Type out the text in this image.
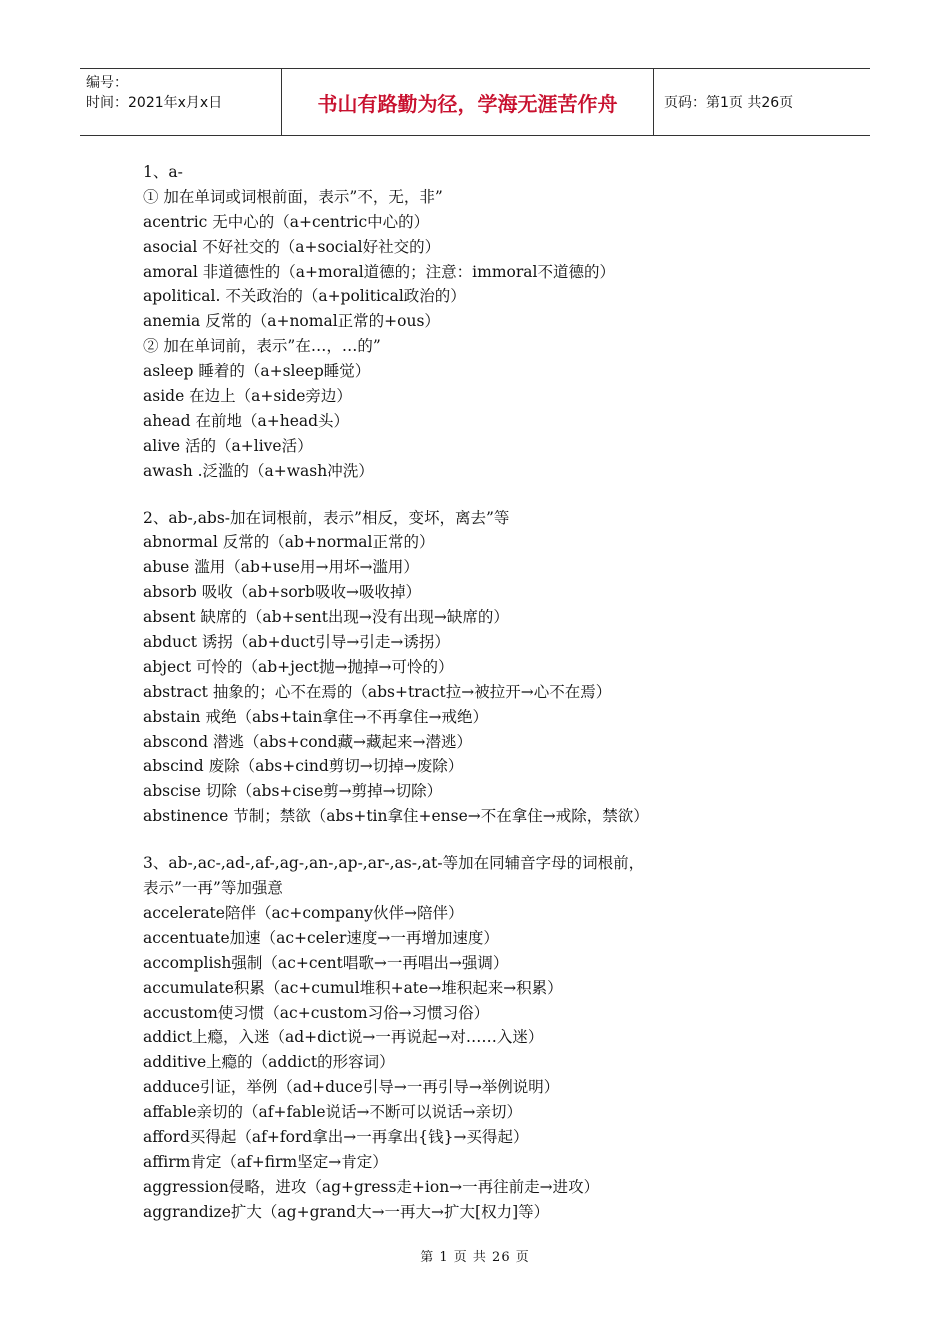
编号：
时间：2021年x月x日	书山有路勤为径，学海无涯苦作舟	页码：第1页 共26页
1、a-
① 加在单词或词根前面，表示”不，无，非”
acentric 无中心的（a+centric中心的）
asocial 不好社交的（a+social好社交的）
amoral 非道德性的（a+moral道德的；注意：immoral不道德的）
apolitical. 不关政治的（a+political政治的）
anemia 反常的（a+nomal正常的+ous）
② 加在单词前，表示”在…，…的”
asleep 睡着的（a+sleep睡觉）
aside 在边上（a+side旁边）
ahead 在前地（a+head头）
alive 活的（a+live活）
awash .泛滥的（a+wash冲洗）
2、ab-,abs-加在词根前，表示”相反，变坏，离去”等
abnormal 反常的（ab+normal正常的）
abuse 滥用（ab+use用→用坏→滥用）
absorb 吸收（ab+sorb吸收→吸收掉）
absent 缺席的（ab+sent出现→没有出现→缺席的）
abduct 诱拐（ab+duct引导→引走→诱拐）
abject 可怜的（ab+ject抛→抛掉→可怜的）
abstract 抽象的；心不在焉的（abs+tract拉→被拉开→心不在焉）
abstain 戒绝（abs+tain拿住→不再拿住→戒绝）
abscond 潜逃（abs+cond藏→藏起来→潜逃）
abscind 废除（abs+cind剪切→切掉→废除）
abscise 切除（abs+cise剪→剪掉→切除）
abstinence 节制；禁欲（abs+tin拿住+ense→不在拿住→戒除，禁欲）
3、ab-,ac-,ad-,af-,ag-,an-,ap-,ar-,as-,at-等加在同辅音字母的词根前，
表示”一再”等加强意
accelerate陪伴（ac+company伙伴→陪伴）
accentuate加速（ac+celer速度→一再增加速度）
accomplish强制（ac+cent唱歌→一再唱出→强调）
accumulate积累（ac+cumul堆积+ate→堆积起来→积累）
accustom使习惯（ac+custom习俗→习惯习俗）
addict上瘾，入迷（ad+dict说→一再说起→对……入迷）
additive上瘾的（addict的形容词）
adduce引证，举例（ad+duce引导→一再引导→举例说明）
affable亲切的（af+fable说话→不断可以说话→亲切）
afford买得起（af+ford拿出→一再拿出{钱}→买得起）
affirm肯定（af+firm坚定→肯定）
aggression侵略，进攻（ag+gress走+ion→一再往前走→进攻）
aggrandize扩大（ag+grand大→一再大→扩大[权力]等）
第 1 页 共 26 页
